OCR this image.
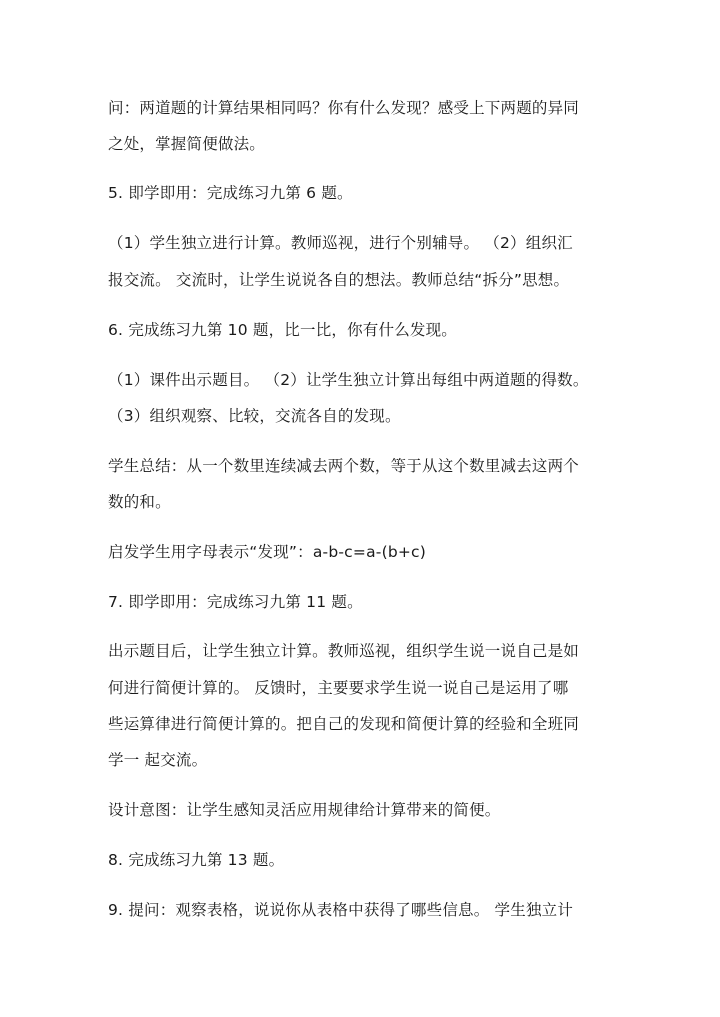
问：两道题的计算结果相同吗？你有什么发现？感受上下两题的异同
之处，掌握简便做法。
5. 即学即用：完成练习九第 6 题。
（1）学生独立进行计算。教师巡视，进行个别辅导。 （2）组织汇
报交流。 交流时，让学生说说各自的想法。教师总结“拆分”思想。
6. 完成练习九第 10 题，比一比，你有什么发现。
（1）课件出示题目。 （2）让学生独立计算出每组中两道题的得数。
（3）组织观察、比较，交流各自的发现。
学生总结：从一个数里连续减去两个数，等于从这个数里减去这两个
数的和。
启发学生用字母表示“发现”：a-b-c=a-(b+c)
7. 即学即用：完成练习九第 11 题。
出示题目后，让学生独立计算。教师巡视，组织学生说一说自己是如
何进行简便计算的。 反馈时，主要要求学生说一说自己是运用了哪
些运算律进行简便计算的。把自己的发现和简便计算的经验和全班同
学一 起交流。
设计意图：让学生感知灵活应用规律给计算带来的简便。
8. 完成练习九第 13 题。
9. 提问：观察表格，说说你从表格中获得了哪些信息。 学生独立计
